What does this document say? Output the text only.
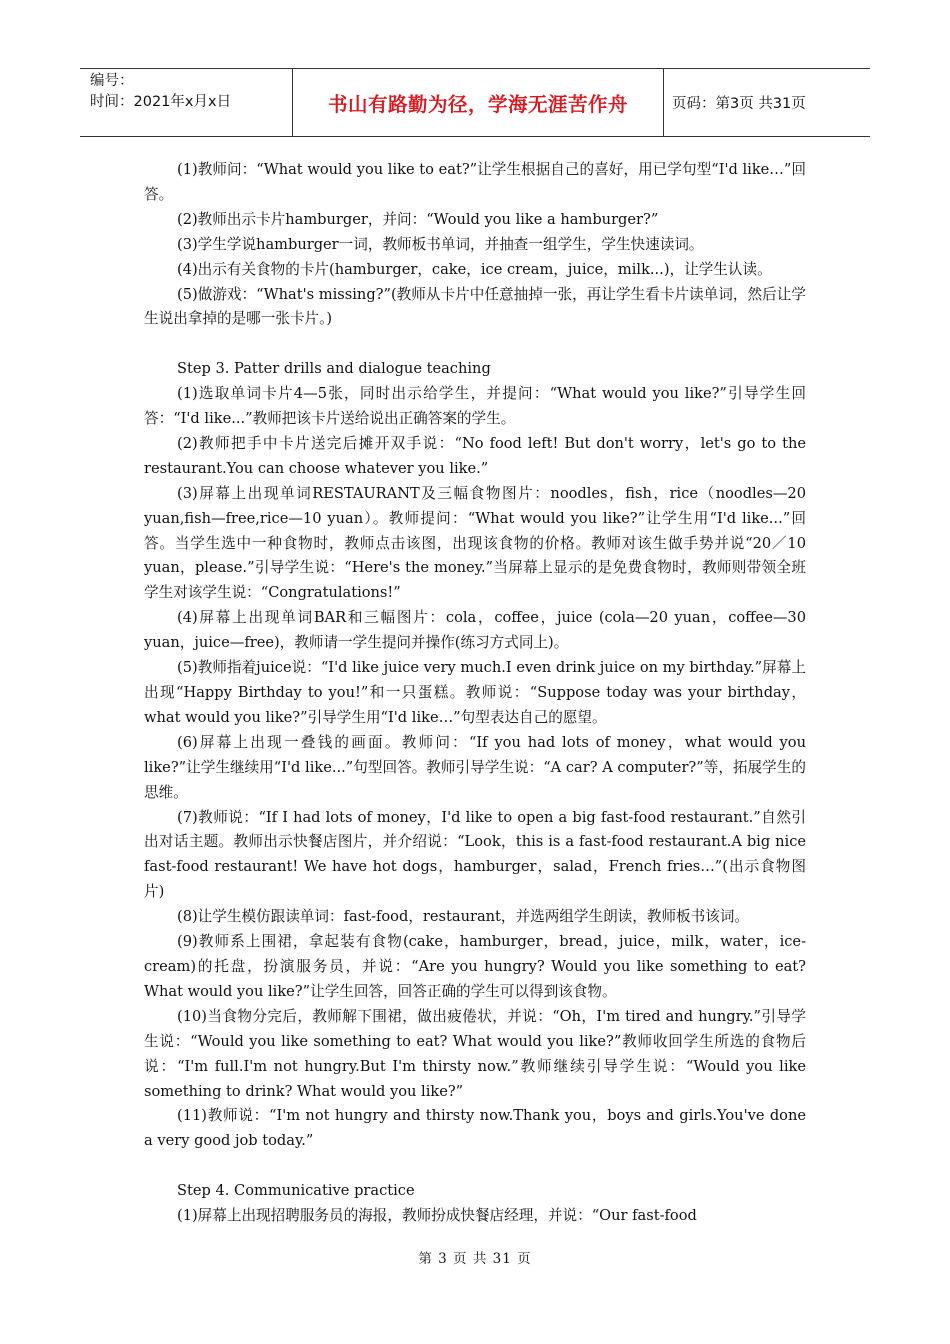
编号：
时间：2021年x月x日	书山有路勤为径，学海无涯苦作舟	页码：第3页 共31页

(1)教师问：“What would you like to eat?”让学生根据自己的喜好，用已学句型“I'd like…”回答。

(2)教师出示卡片hamburger，并问：“Would you like a hamburger?”

(3)学生学说hamburger一词，教师板书单词，并抽查一组学生，学生快速读词。

(4)出示有关食物的卡片(hamburger，cake，ice cream，juice，milk...)，让学生认读。

(5)做游戏：“What's missing?”(教师从卡片中任意抽掉一张，再让学生看卡片读单词，然后让学生说出拿掉的是哪一张卡片。)

Step 3. Patter drills and dialogue teaching

(1)选取单词卡片4—5张，同时出示给学生，并提问：“What would you like?”引导学生回答：“I'd like...”教师把该卡片送给说出正确答案的学生。

(2)教师把手中卡片送完后摊开双手说：“No food left! But don't worry，let's go to the restaurant.You can choose whatever you like.”

(3)屏幕上出现单词RESTAURANT及三幅食物图片：noodles，fish，rice（noodles—20 yuan,fish—free,rice—10 yuan）。教师提问：“What would you like?”让学生用“I'd like...”回答。当学生选中一种食物时，教师点击该图，出现该食物的价格。教师对该生做手势并说“20／10 yuan，please.”引导学生说：“Here's the money.”当屏幕上显示的是免费食物时，教师则带领全班学生对该学生说：“Congratulations!”

(4)屏幕上出现单词BAR和三幅图片：cola，coffee，juice (cola—20 yuan，coffee—30 yuan，juice—free)，教师请一学生提问并操作(练习方式同上)。

(5)教师指着juice说：“I'd like juice very much.I even drink juice on my birthday.”屏幕上出现“Happy Birthday to you!”和一只蛋糕。教师说：“Suppose today was your birthday，what would you like?”引导学生用“I'd like…”句型表达自己的愿望。

(6)屏幕上出现一叠钱的画面。教师问：“If you had lots of money，what would you like?”让学生继续用“I'd like...”句型回答。教师引导学生说：“A car? A computer?”等，拓展学生的思维。

(7)教师说：“If I had lots of money，I'd like to open a big fast-food restaurant.”自然引出对话主题。教师出示快餐店图片，并介绍说：“Look，this is a fast-food restaurant.A big nice fast-food restaurant! We have hot dogs，hamburger，salad，French fries…”(出示食物图片)

(8)让学生模仿跟读单词：fast-food，restaurant，并选两组学生朗读，教师板书该词。

(9)教师系上围裙，拿起装有食物(cake，hamburger，bread，juice，milk，water，ice-cream)的托盘，扮演服务员，并说：“Are you hungry? Would you like something to eat? What would you like?”让学生回答，回答正确的学生可以得到该食物。

(10)当食物分完后，教师解下围裙，做出疲倦状，并说：“Oh，I'm tired and hungry.”引导学生说：“Would you like something to eat? What would you like?”教师收回学生所选的食物后说：“I'm full.I'm not hungry.But I'm thirsty now.”教师继续引导学生说：“Would you like something to drink? What would you like?”

(11)教师说：“I'm not hungry and thirsty now.Thank you，boys and girls.You've done a very good job today.”

Step 4. Communicative practice

(1)屏幕上出现招聘服务员的海报，教师扮成快餐店经理，并说：“Our fast-food

第 3 页 共 31 页
